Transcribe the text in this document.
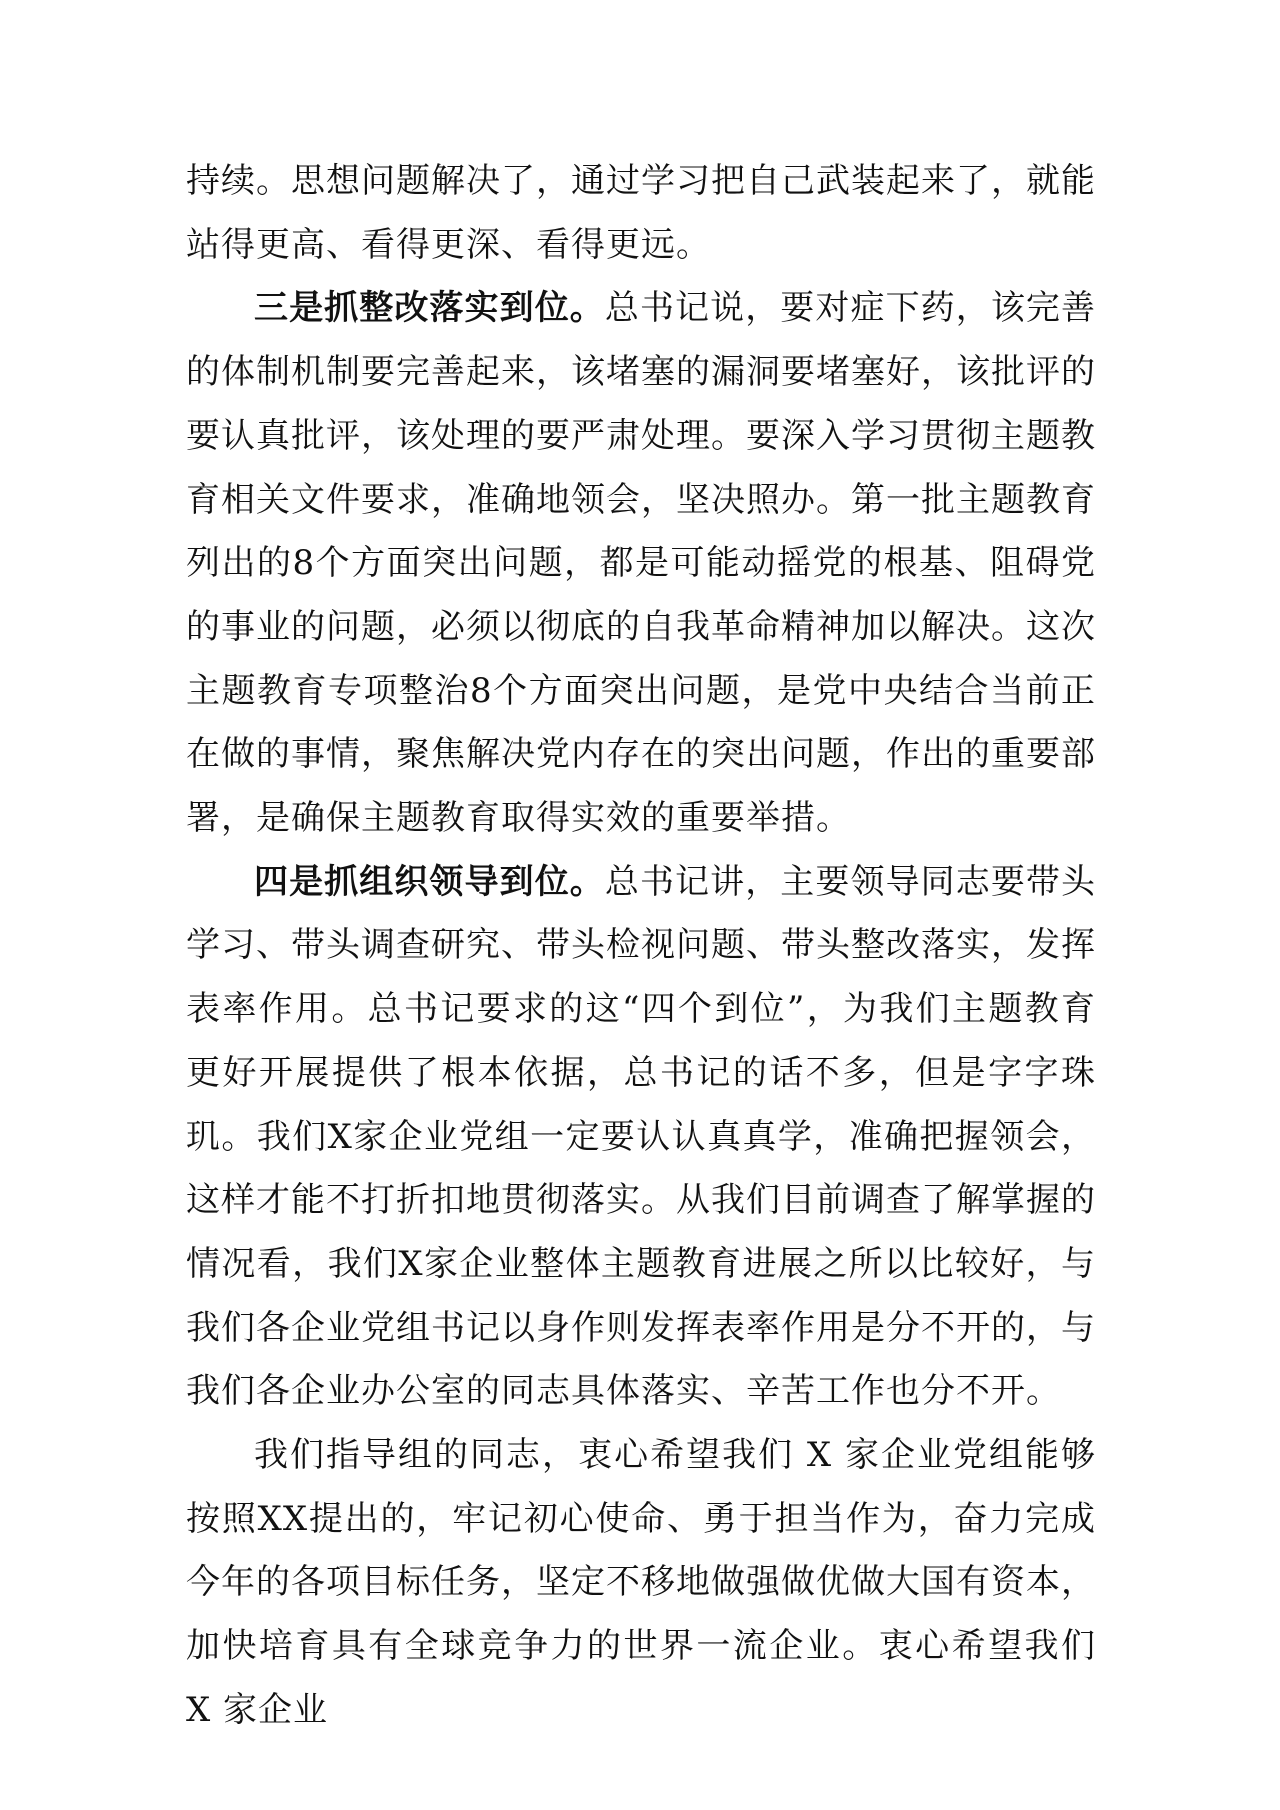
持续。思想问题解决了，通过学习把自己武装起来了，就能站得更高、看得更深、看得更远。

三是抓整改落实到位。总书记说，要对症下药，该完善的体制机制要完善起来，该堵塞的漏洞要堵塞好，该批评的要认真批评，该处理的要严肃处理。要深入学习贯彻主题教育相关文件要求，准确地领会，坚决照办。第一批主题教育列出的8个方面突出问题，都是可能动摇党的根基、阻碍党的事业的问题，必须以彻底的自我革命精神加以解决。这次主题教育专项整治8个方面突出问题，是党中央结合当前正在做的事情，聚焦解决党内存在的突出问题，作出的重要部署，是确保主题教育取得实效的重要举措。

四是抓组织领导到位。总书记讲，主要领导同志要带头学习、带头调查研究、带头检视问题、带头整改落实，发挥表率作用。总书记要求的这“四个到位”，为我们主题教育更好开展提供了根本依据，总书记的话不多，但是字字珠玑。我们X家企业党组一定要认认真真学，准确把握领会，这样才能不打折扣地贯彻落实。从我们目前调查了解掌握的情况看，我们X家企业整体主题教育进展之所以比较好，与我们各企业党组书记以身作则发挥表率作用是分不开的，与我们各企业办公室的同志具体落实、辛苦工作也分不开。

我们指导组的同志，衷心希望我们 X 家企业党组能够按照XX提出的，牢记初心使命、勇于担当作为，奋力完成今年的各项目标任务，坚定不移地做强做优做大国有资本，加快培育具有全球竞争力的世界一流企业。衷心希望我们 X 家企业
